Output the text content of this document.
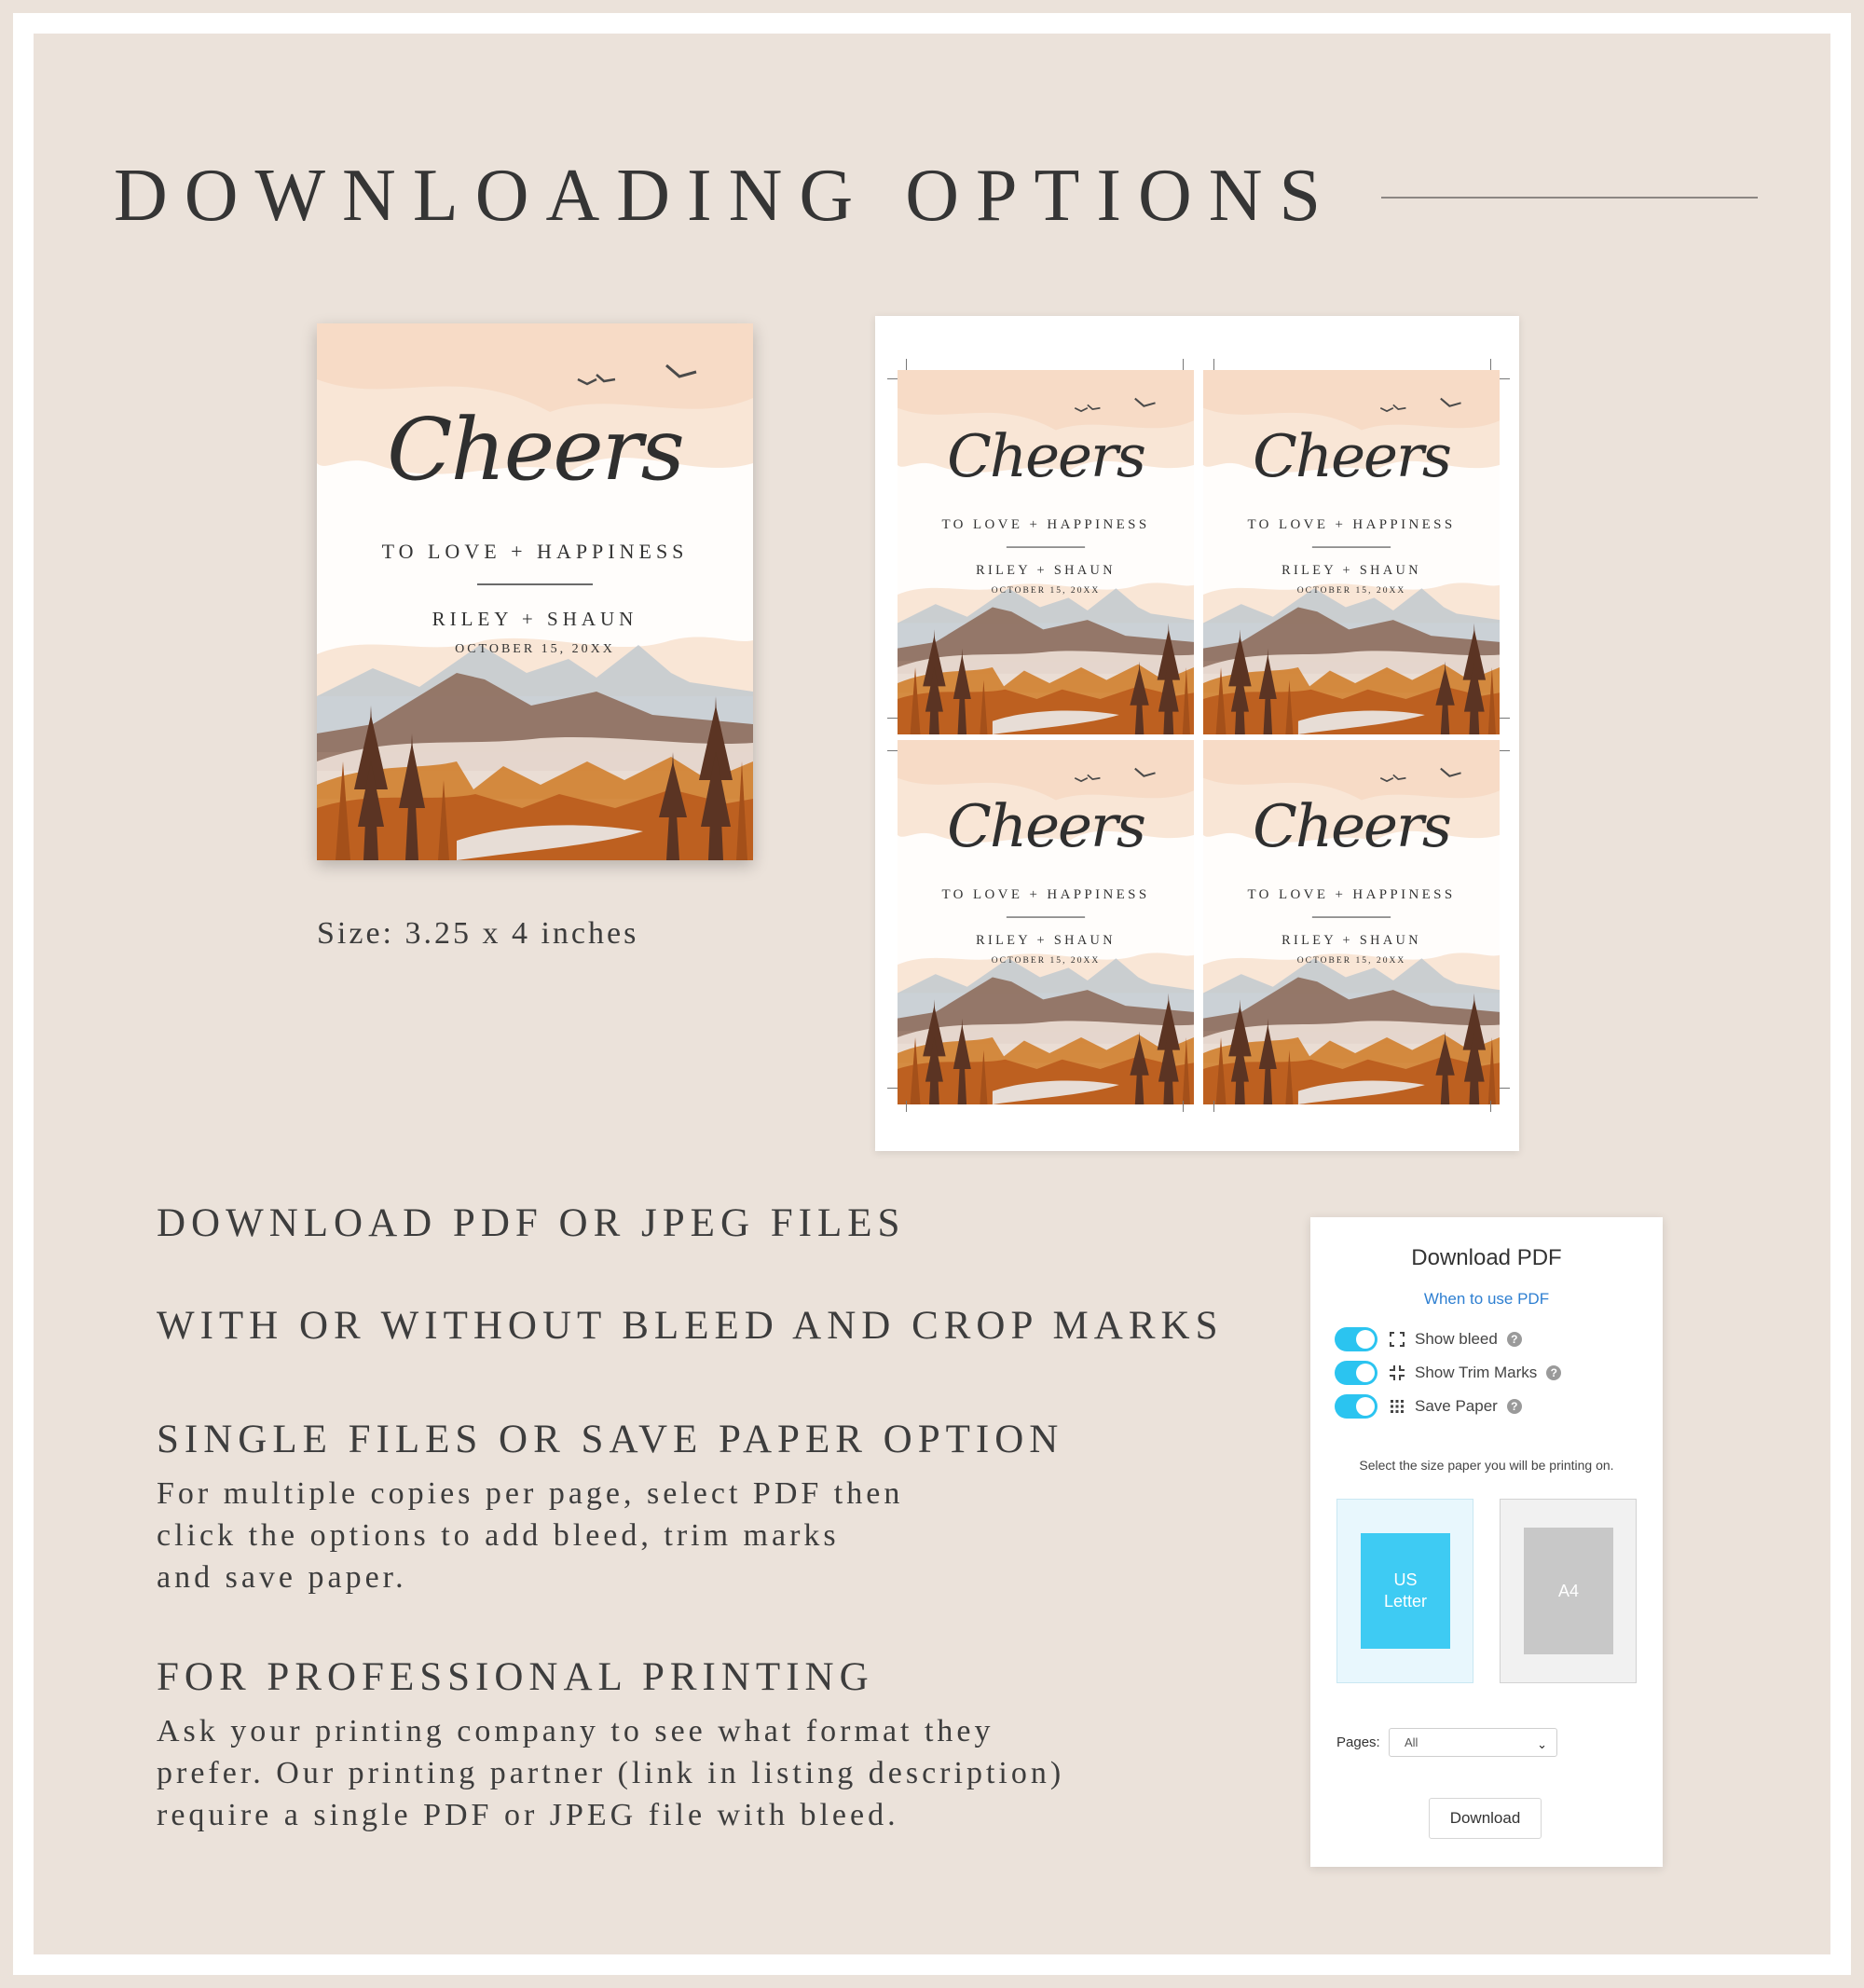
DOWNLOADING OPTIONS
Cheers
TO LOVE + HAPPINESS
RILEY + SHAUN
OCTOBER 15, 20XX
Size: 3.25 x 4 inches
Cheers
TO LOVE + HAPPINESS
RILEY + SHAUN
OCTOBER 15, 20XX
Cheers
TO LOVE + HAPPINESS
RILEY + SHAUN
OCTOBER 15, 20XX
Cheers
TO LOVE + HAPPINESS
RILEY + SHAUN
OCTOBER 15, 20XX
Cheers
TO LOVE + HAPPINESS
RILEY + SHAUN
OCTOBER 15, 20XX
DOWNLOAD PDF OR JPEG FILES
WITH OR WITHOUT BLEED AND CROP MARKS
SINGLE FILES OR SAVE PAPER OPTION
For multiple copies per page, select PDF then
click the options to add bleed, trim marks
and save paper.
FOR PROFESSIONAL PRINTING
Ask your printing company to see what format they
prefer. Our printing partner (link in listing description)
require a single PDF or JPEG file with bleed.
Download PDF
When to use PDF
Show bleed	?
Show Trim Marks	?
Save Paper	?
Select the size paper you will be printing on.
US
Letter
A4
Pages:	All	⌄
Download
